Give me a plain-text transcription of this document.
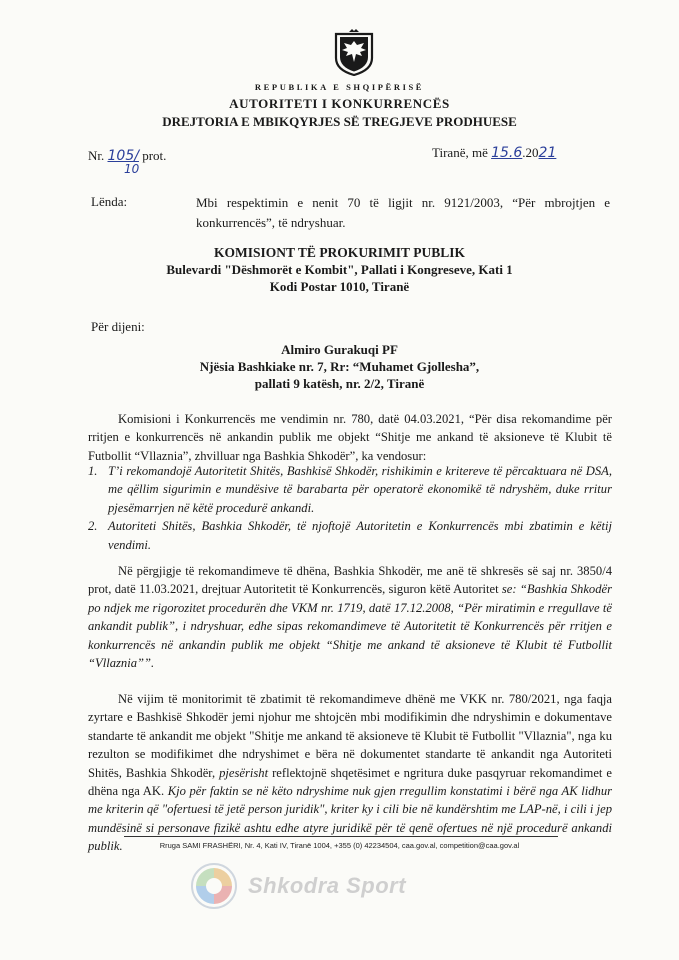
REPUBLIKA E SHQIPËRISË
AUTORITETI I KONKURRENCËS
DREJTORIA E MBIKQYRJES SË TREGJEVE PRODHUESE
Nr. 105/ prot.
10
Tiranë, më 15.6.2021
Lënda:	Mbi respektimin e nenit 70 të ligjit nr. 9121/2003, “Për mbrojtjen e konkurrencës”, të ndryshuar.
KOMISIONT TË PROKURIMIT PUBLIK
Bulevardi "Dëshmorët e Kombit", Pallati i Kongreseve, Kati 1
Kodi Postar 1010, Tiranë
Për dijeni:
Almiro Gurakuqi PF
Njësia Bashkiake nr. 7, Rr: “Muhamet Gjollesha”,
pallati 9 katësh, nr. 2/2, Tiranë
Komisioni i Konkurrencës me vendimin nr. 780, datë 04.03.2021, “Për disa rekomandime për rritjen e konkurrencës në ankandin publik me objekt “Shitje me ankand të aksioneve të Klubit të Futbollit “Vllaznia”, zhvilluar nga Bashkia Shkodër”, ka vendosur:

1. T’i rekomandojë Autoritetit Shitës, Bashkisë Shkodër, rishikimin e kritereve të përcaktuara në DSA, me qëllim sigurimin e mundësive të barabarta për operatorë ekonomikë të ndryshëm, duke rritur pjesëmarrjen në këtë procedurë ankandi.

2. Autoriteti Shitës, Bashkia Shkodër, të njoftojë Autoritetin e Konkurrencës mbi zbatimin e këtij vendimi.

Në përgjigje të rekomandimeve të dhëna, Bashkia Shkodër, me anë të shkresës së saj nr. 3850/4 prot, datë 11.03.2021, drejtuar Autoritetit të Konkurrencës, siguron këtë Autoritet se: “Bashkia Shkodër po ndjek me rigorozitet procedurën dhe VKM nr. 1719, datë 17.12.2008, “Për miratimin e rregullave të ankandit publik”, i ndryshuar, edhe sipas rekomandimeve të Autoritetit të Konkurrencës për rritjen e konkurrencës në ankandin publik me objekt “Shitje me ankand të aksioneve të Klubit të Futbollit “Vllaznia””.
Në vijim të monitorimit të zbatimit të rekomandimeve dhënë me VKK nr. 780/2021, nga faqja zyrtare e Bashkisë Shkodër jemi njohur me shtojcën mbi modifikimin dhe ndryshimin e dokumentave standarte të ankandit me objekt "Shitje me ankand të aksioneve të Klubit të Futbollit "Vllaznia", nga ku rezulton se modifikimet dhe ndryshimet e bëra në dokumentet standarte të ankandit nga Autoriteti Shitës, Bashkia Shkodër, pjesërisht reflektojnë shqetësimet e ngritura duke pasqyruar rekomandimet e dhëna nga AK. Kjo për faktin se në këto ndryshime nuk gjen rregullim konstatimi i bërë nga AK lidhur me kriterin që "ofertuesi të jetë person juridik", kriter ky i cili bie në kundërshtim me LAP-në, i cili i jep mundësinë si personave fizikë ashtu edhe atyre juridikë për të qenë ofertues në një procedurë ankandi publik.	Rruga SAMI FRASHËRI, Nr. 4, Kati IV, Tiranë 1004, +355 (0) 42234504, caa.gov.al, competition@caa.gov.al
Shkodra Sport
